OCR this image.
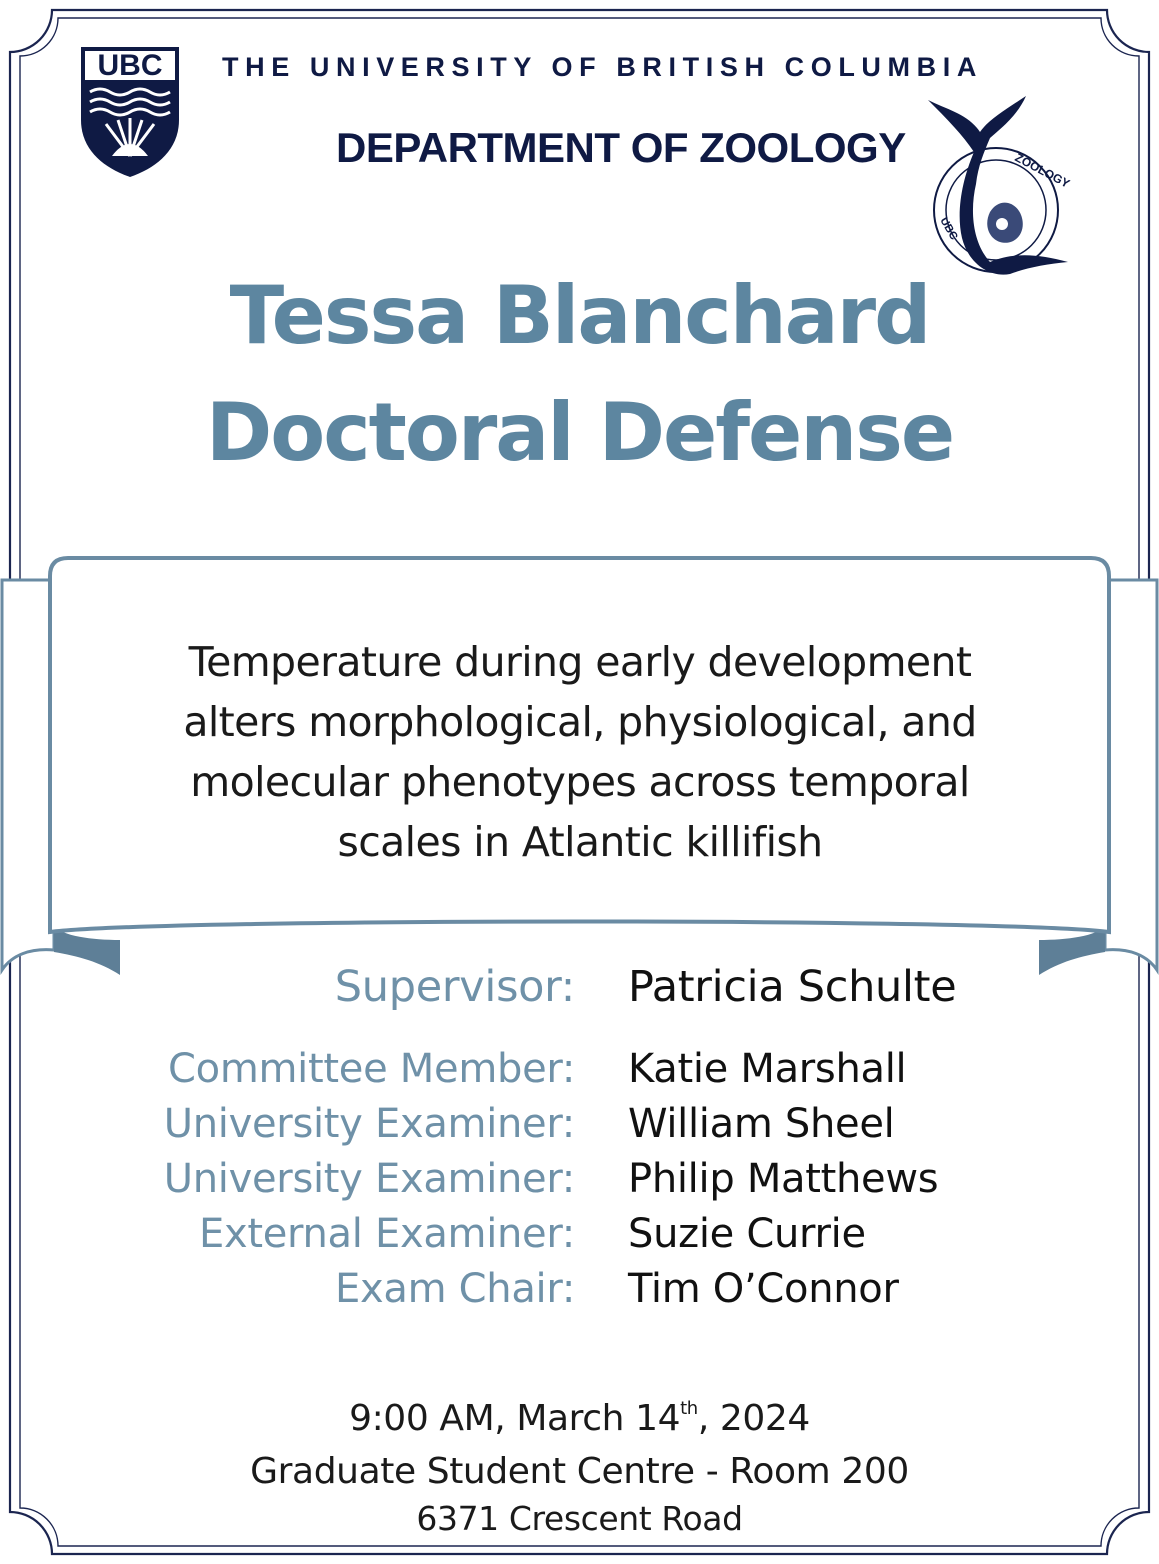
UBC THE UNIVERSITY OF BRITISH COLUMBIA
DEPARTMENT OF ZOOLOGY	ZOOLOGY
UBC
Tessa Blanchard
Doctoral Defense
Temperature during early development
alters morphological, physiological, and
molecular phenotypes across temporal
scales in Atlantic killifish
Supervisor: Patricia Schulte
Committee Member: Katie Marshall
University Examiner: William Sheel
University Examiner: Philip Matthews
External Examiner: Suzie Currie
Exam Chair: Tim O’Connor
9:00 AM, March 14th, 2024
Graduate Student Centre - Room 200
6371 Crescent Road
